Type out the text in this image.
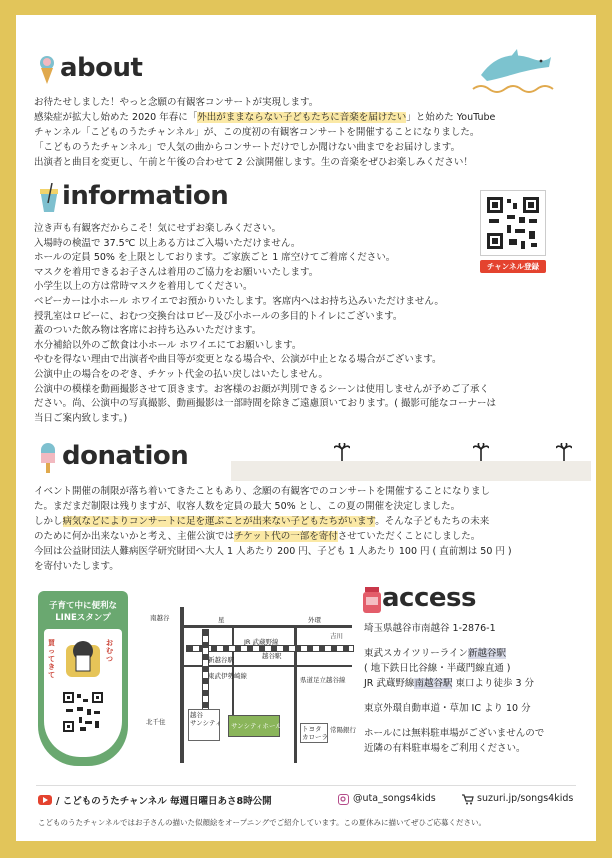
about
お待たせしました！やっと念願の有観客コンサートが実現します。
感染症が拡大し始めた 2020 年春に「外出がままならない子どもたちに音楽を届けたい」と始めた YouTube
チャンネル「こどものうたチャンネル」が、この度初の有観客コンサートを開催することになりました。
「こどものうたチャンネル」で人気の曲からコンサートだけでしか聞けない曲までをお届けします。
出演者と曲目を変更し、午前と午後の合わせて 2 公演開催します。生の音楽をぜひお楽しみください！
information
チャンネル登録
泣き声も有観客だからこそ！気にせずお楽しみください。
入場時の検温で 37.5℃ 以上ある方はご入場いただけません。
ホールの定員 50% を上限としております。ご家族ごと 1 席空けてご着席ください。
マスクを着用できるお子さんは着用のご協力をお願いいたします。
小学生以上の方は常時マスクを着用してください。
ベビーカーは小ホール ホワイエでお預かりいたします。客席内へはお持ち込みいただけません。
授乳室はロビーに、おむつ交換台はロビー及び小ホールの多目的トイレにございます。
蓋のついた飲み物は客席にお持ち込みいただけます。
水分補給以外のご飲食は小ホール ホワイエにてお願いします。
やむを得ない理由で出演者や曲目等が変更となる場合や、公演が中止となる場合がございます。
公演中止の場合をのぞき、チケット代金の払い戻しはいたしません。
公演中の模様を動画撮影させて頂きます。お客様のお顔が判別できるシーンは使用しませんが予めご了承く
ださい。尚、公演中の写真撮影、動画撮影は一部時間を除きご遠慮頂いております。( 撮影可能なコーナーは
当日ご案内致します。)
donation
イベント開催の制限が落ち着いてきたこともあり、念願の有観客でのコンサートを開催することになりまし
た。まだまだ制限は残りますが、収容人数を定員の最大 50% とし、この夏の開催を決定しました。
しかし病気などによりコンサートに足を運ぶことが出来ない子どもたちがいます。そんな子どもたちの未来
のために何か出来ないかと考え、主催公演ではチケット代の一部を寄付させていただくことにしました。
今回は公益財団法人難病医学研究財団へ大人 1 人あたり 200 円、子ども 1 人あたり 100 円 ( 直前割は 50 円 )
を寄付いたします。
子育て中に便利な
LINEスタンプ
買ってきて
おむつ
南越谷	星	外環
吉川
JR 武蔵野線
越谷駅
新越谷駅
東武伊勢崎線	県道足立越谷線
北千住
越谷
サンシティ サンシティホール	トヨタ
カローラ
常陽銀行
access
埼玉県越谷市南越谷 1-2876-1
東武スカイツリーライン新越谷駅
( 地下鉄日比谷線・半蔵門線直通 )
JR 武蔵野線南越谷駅 東口より徒歩 3 分
東京外環自動車道・草加 IC より 10 分
ホールには無料駐車場がございませんので
近隣の有料駐車場をご利用ください。
/ こどものうたチャンネル 毎週日曜日あさ8時公開	@uta_songs4kids	suzuri.jp/songs4kids
こどものうたチャンネルではお子さんの描いた似顔絵をオープニングでご紹介しています。この夏休みに描いてぜひご応募ください。
